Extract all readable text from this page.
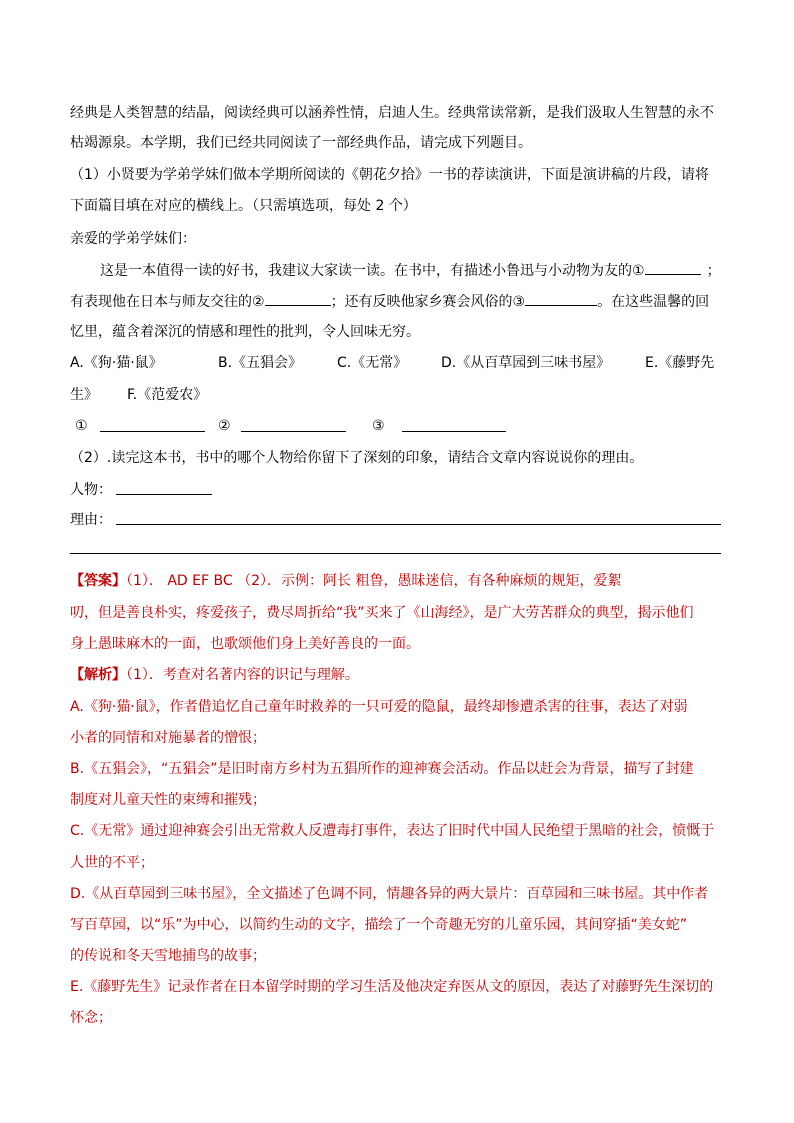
经典是人类智慧的结晶，阅读经典可以涵养性情，启迪人生。经典常读常新，是我们汲取人生智慧的永不
枯竭源泉。本学期，我们已经共同阅读了一部经典作品，请完成下列题目。
（1）小贤要为学弟学妹们做本学期所阅读的《朝花夕拾》一书的荐读演讲，下面是演讲稿的片段，请将
下面篇目填在对应的横线上。（只需填选项，每处 2 个）
亲爱的学弟学妹们：
这是一本值得一读的好书，我建议大家读一读。在书中，有描述小鲁迅与小动物为友的①	；
有表现他在日本与师友交往的②	；还有反映他家乡赛会风俗的③	。在这些温馨的回
忆里，蕴含着深沉的情感和理性的批判，令人回味无穷。
A.《狗·猫·鼠》	B.《五猖会》 C.《无常》 D.《从百草园到三味书屋》 E.《藤野先
生》 F.《范爱农》
①	②	③
（2）.读完这本书，书中的哪个人物给你留下了深刻的印象，请结合文章内容说说你的理由。
人物：
理由：
【答案】（1）． AD EF BC （2）．示例：阿长 粗鲁，愚昧迷信，有各种麻烦的规矩，爱絮
叨，但是善良朴实，疼爱孩子，费尽周折给“我”买来了《山海经》，是广大劳苦群众的典型，揭示他们
身上愚昧麻木的一面，也歌颂他们身上美好善良的一面。
【解析】（1）．考查对名著内容的识记与理解。
A.《狗·猫·鼠》，作者借追忆自己童年时救养的一只可爱的隐鼠，最终却惨遭杀害的往事，表达了对弱
小者的同情和对施暴者的憎恨；
B.《五猖会》，“五猖会”是旧时南方乡村为五猖所作的迎神赛会活动。作品以赶会为背景，描写了封建
制度对儿童天性的束缚和摧残；
C.《无常》通过迎神赛会引出无常救人反遭毒打事件，表达了旧时代中国人民绝望于黑暗的社会，愤慨于
人世的不平；
D.《从百草园到三味书屋》，全文描述了色调不同，情趣各异的两大景片：百草园和三味书屋。其中作者
写百草园，以“乐”为中心，以简约生动的文字，描绘了一个奇趣无穷的儿童乐园，其间穿插“美女蛇”
的传说和冬天雪地捕鸟的故事；
E.《藤野先生》记录作者在日本留学时期的学习生活及他决定弃医从文的原因，表达了对藤野先生深切的
怀念；
